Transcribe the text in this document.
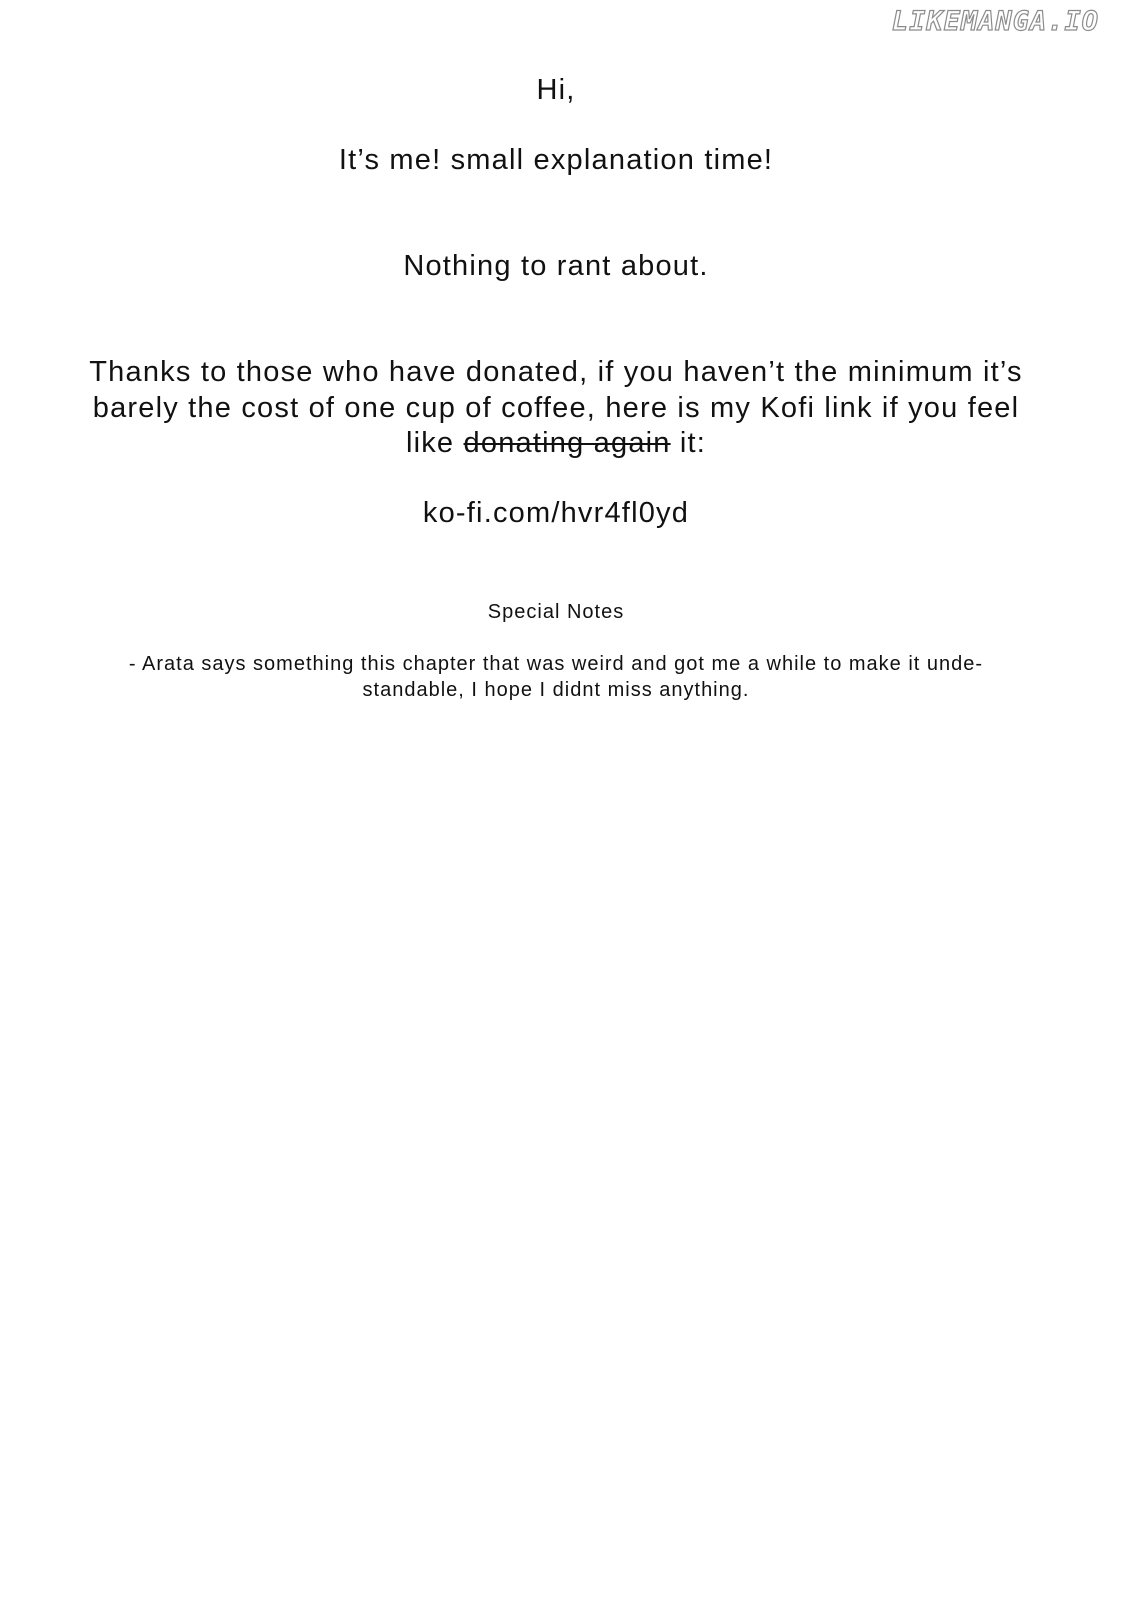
LIKEMANGA.IO
Hi,
It’s me! small explanation time!
Nothing to rant about.
Thanks to those who have donated, if you haven’t the minimum it’s
barely the cost of one cup of coffee, here is my Kofi link if you feel
like donating again it:
ko-fi.com/hvr4fl0yd
Special Notes
- Arata says something this chapter that was weird and got me a while to make it unde-
standable, I hope I didnt miss anything.
